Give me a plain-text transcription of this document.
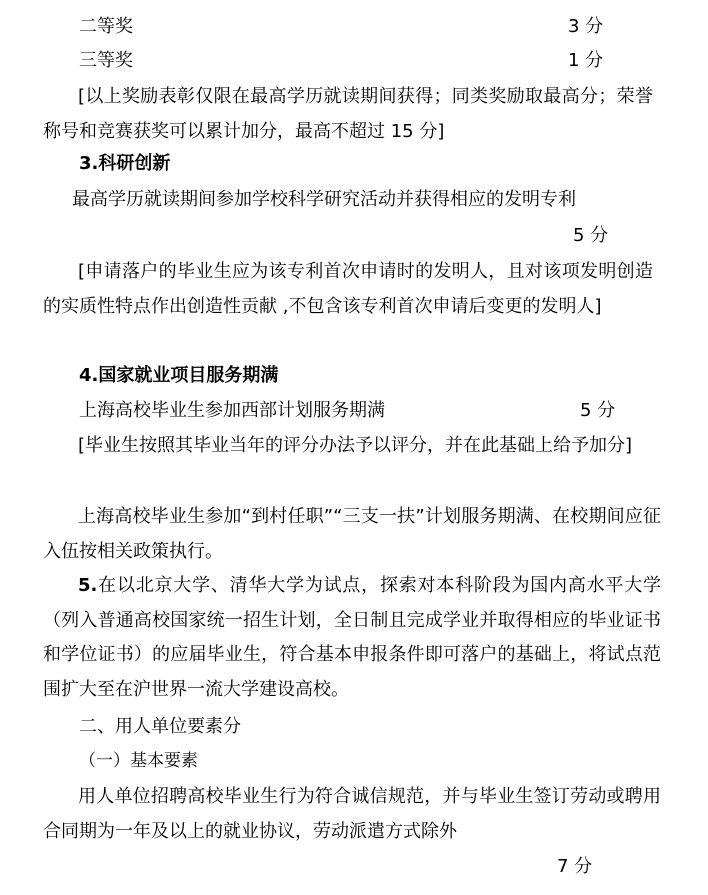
二等奖	3 分
三等奖	1 分
[以上奖励表彰仅限在最高学历就读期间获得；同类奖励取最高分；荣誉称号和竞赛获奖可以累计加分，最高不超过 15 分]
3.科研创新
最高学历就读期间参加学校科学研究活动并获得相应的发明专利
5 分
[申请落户的毕业生应为该专利首次申请时的发明人，且对该项发明创造的实质性特点作出创造性贡献 ,不包含该专利首次申请后变更的发明人]
4.国家就业项目服务期满
上海高校毕业生参加西部计划服务期满	5 分
[毕业生按照其毕业当年的评分办法予以评分，并在此基础上给予加分]
上海高校毕业生参加“到村任职”“三支一扶”计划服务期满、在校期间应征入伍按相关政策执行。
5.在以北京大学、清华大学为试点，探索对本科阶段为国内高水平大学（列入普通高校国家统一招生计划，全日制且完成学业并取得相应的毕业证书和学位证书）的应届毕业生，符合基本申报条件即可落户的基础上，将试点范围扩大至在沪世界一流大学建设高校。
二、用人单位要素分
（一）基本要素
用人单位招聘高校毕业生行为符合诚信规范，并与毕业生签订劳动或聘用合同期为一年及以上的就业协议，劳动派遣方式除外
7 分
